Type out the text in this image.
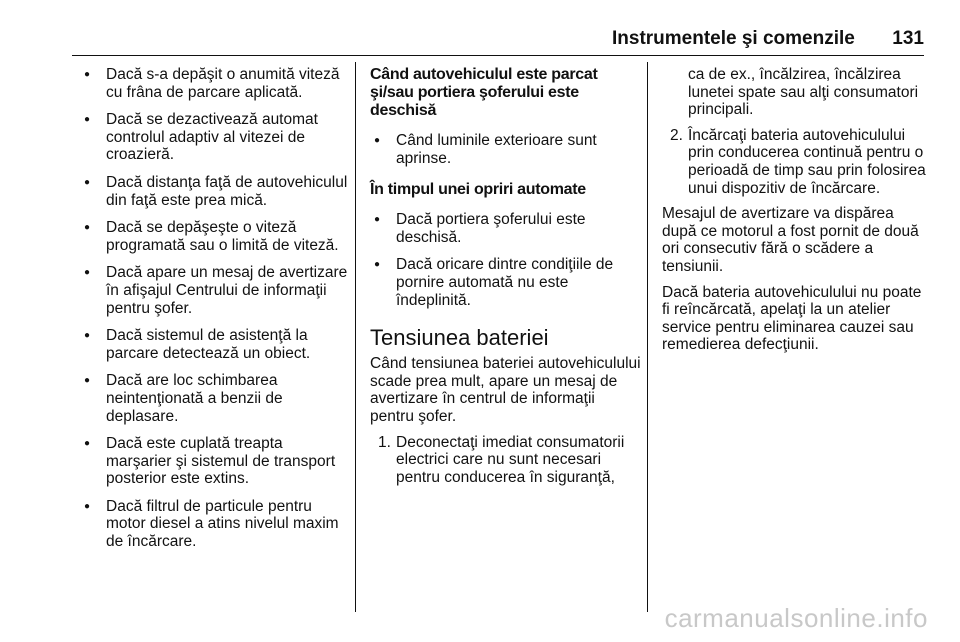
Instrumentele şi comenzile 131
● Dacă s-a depăşit o anumită viteză cu frâna de parcare aplicată.
● Dacă se dezactivează automat controlul adaptiv al vitezei de croazieră.
● Dacă distanţa faţă de autovehiculul din faţă este prea mică.
● Dacă se depăşeşte o viteză programată sau o limită de viteză.
● Dacă apare un mesaj de avertizare în afişajul Centrului de informaţii pentru şofer.
● Dacă sistemul de asistenţă la parcare detectează un obiect.
● Dacă are loc schimbarea neintenţionată a benzii de deplasare.
● Dacă este cuplată treapta marşarier şi sistemul de transport posterior este extins.
● Dacă filtrul de particule pentru motor diesel a atins nivelul maxim de încărcare.
Când autovehiculul este parcat şi/sau portiera şoferului este deschisă
● Când luminile exterioare sunt aprinse.
În timpul unei opriri automate
● Dacă portiera şoferului este deschisă.
● Dacă oricare dintre condiţiile de pornire automată nu este îndeplinită.
Tensiunea bateriei

Când tensiunea bateriei autovehiculului scade prea mult, apare un mesaj de avertizare în centrul de informaţii pentru şofer.

1. Deconectaţi imediat consumatorii electrici care nu sunt necesari pentru conducerea în siguranţă,
ca de ex., încălzirea, încălzirea lunetei spate sau alţi consumatori principali.
2. Încărcaţi bateria autovehiculului prin conducerea continuă pentru o perioadă de timp sau prin folosirea unui dispozitiv de încărcare.

Mesajul de avertizare va dispărea după ce motorul a fost pornit de două ori consecutiv fără o scădere a tensiunii.

Dacă bateria autovehiculului nu poate fi reîncărcată, apelaţi la un atelier service pentru eliminarea cauzei sau remedierea defecţiunii.

carmanualsonline.info
